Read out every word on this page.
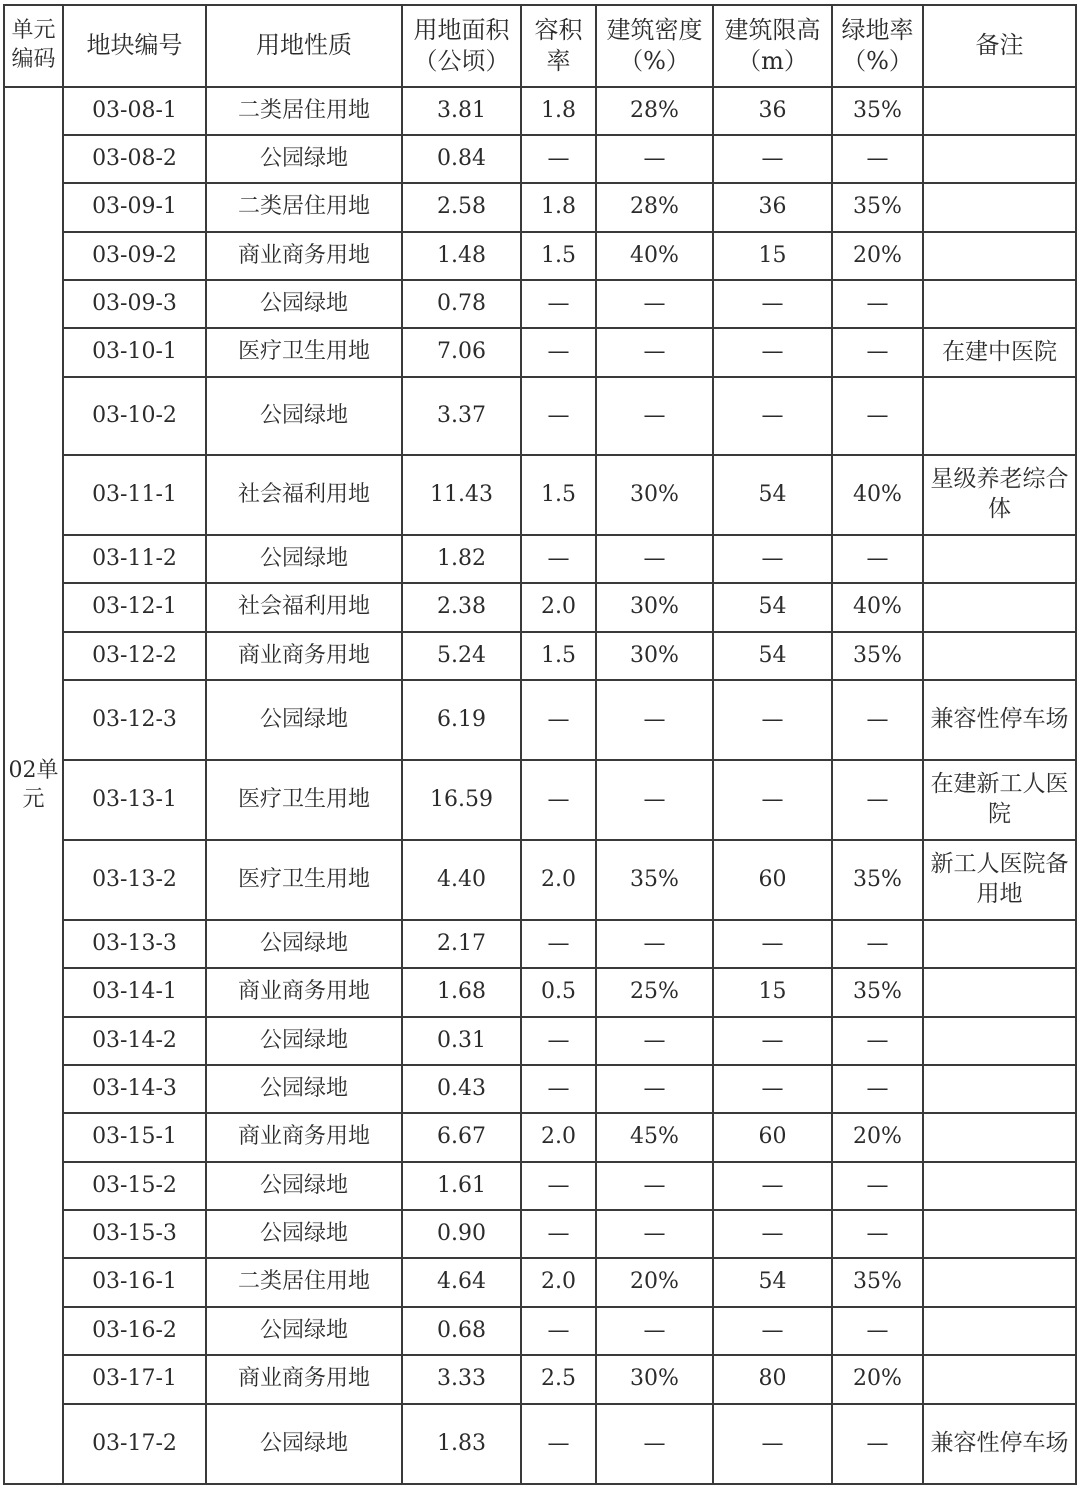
单元编码	地块编号	用地性质	用地面积（公顷）	容积率	建筑密度（%）	建筑限高（m）	绿地率（%）	备注
02单元	03-08-1	二类居住用地	3.81	1.8	28%	36	35%	
	03-08-2	公园绿地	0.84	—	—	—	—	
	03-09-1	二类居住用地	2.58	1.8	28%	36	35%	
	03-09-2	商业商务用地	1.48	1.5	40%	15	20%	
	03-09-3	公园绿地	0.78	—	—	—	—	
	03-10-1	医疗卫生用地	7.06	—	—	—	—	在建中医院
	03-10-2	公园绿地	3.37	—	—	—	—	
	03-11-1	社会福利用地	11.43	1.5	30%	54	40%	星级养老综合体
	03-11-2	公园绿地	1.82	—	—	—	—	
	03-12-1	社会福利用地	2.38	2.0	30%	54	40%	
	03-12-2	商业商务用地	5.24	1.5	30%	54	35%	
	03-12-3	公园绿地	6.19	—	—	—	—	兼容性停车场
	03-13-1	医疗卫生用地	16.59	—	—	—	—	在建新工人医院
	03-13-2	医疗卫生用地	4.40	2.0	35%	60	35%	新工人医院备用地
	03-13-3	公园绿地	2.17	—	—	—	—	
	03-14-1	商业商务用地	1.68	0.5	25%	15	35%	
	03-14-2	公园绿地	0.31	—	—	—	—	
	03-14-3	公园绿地	0.43	—	—	—	—	
	03-15-1	商业商务用地	6.67	2.0	45%	60	20%	
	03-15-2	公园绿地	1.61	—	—	—	—	
	03-15-3	公园绿地	0.90	—	—	—	—	
	03-16-1	二类居住用地	4.64	2.0	20%	54	35%	
	03-16-2	公园绿地	0.68	—	—	—	—	
	03-17-1	商业商务用地	3.33	2.5	30%	80	20%	
	03-17-2	公园绿地	1.83	—	—	—	—	兼容性停车场
